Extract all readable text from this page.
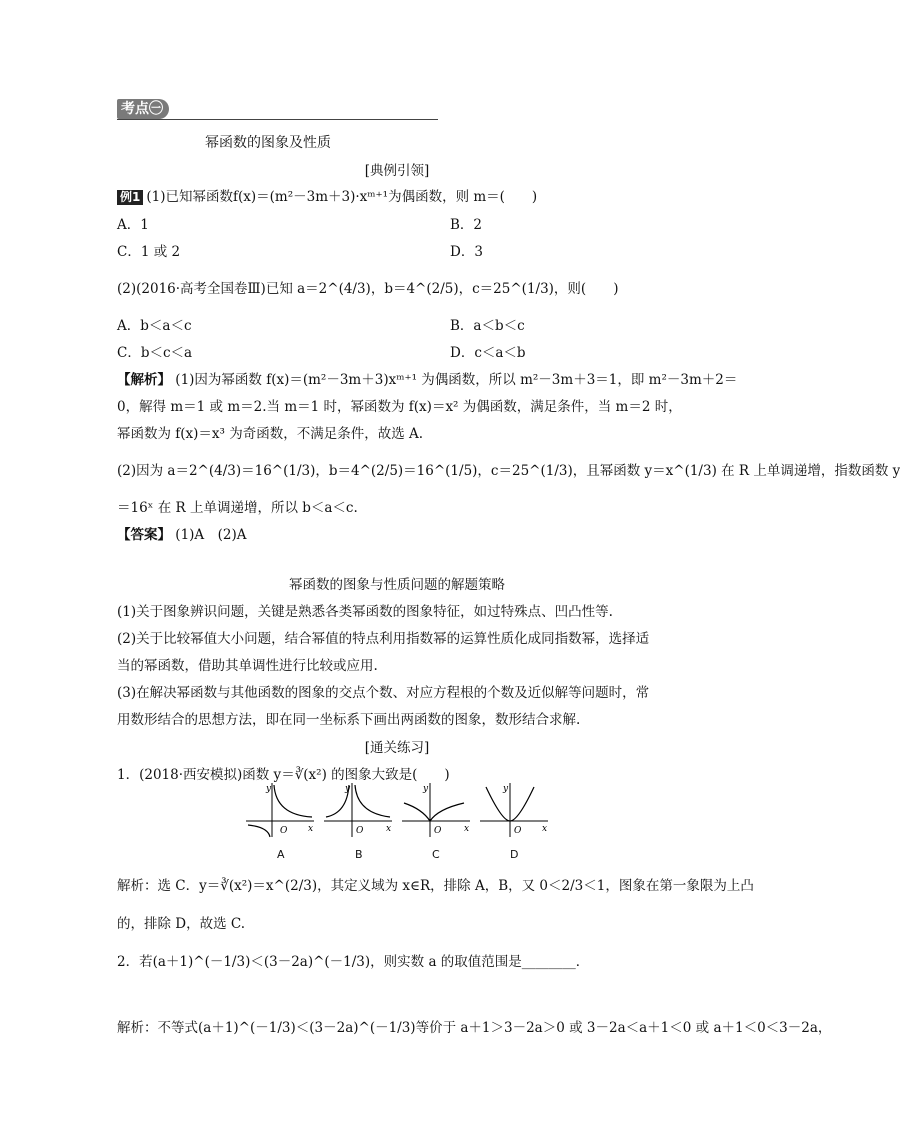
考点㊀
幂函数的图象及性质
[典例引领]
例1 (1)已知幂函数f(x)＝(m²－3m＋3)·xᵐ⁺¹为偶函数，则 m＝(　　)
A．1	B．2
C．1 或 2	D．3
(2)(2016·高考全国卷Ⅲ)已知 a＝2^(4/3)，b＝4^(2/5)，c＝25^(1/3)，则(　　)
A．b＜a＜c	B．a＜b＜c
C．b＜c＜a	D．c＜a＜b
【解析】 (1)因为幂函数 f(x)＝(m²－3m＋3)xᵐ⁺¹ 为偶函数，所以 m²－3m＋3＝1，即 m²－3m＋2＝
0，解得 m＝1 或 m＝2.当 m＝1 时，幂函数为 f(x)＝x² 为偶函数，满足条件，当 m＝2 时，
幂函数为 f(x)＝x³ 为奇函数，不满足条件，故选 A.
(2)因为 a＝2^(4/3)＝16^(1/3)，b＝4^(2/5)＝16^(1/5)，c＝25^(1/3)，且幂函数 y＝x^(1/3) 在 R 上单调递增，指数函数 y
＝16ˣ 在 R 上单调递增，所以 b＜a＜c.
【答案】 (1)A　(2)A
幂函数的图象与性质问题的解题策略
(1)关于图象辨识问题，关键是熟悉各类幂函数的图象特征，如过特殊点、凹凸性等.
(2)关于比较幂值大小问题，结合幂值的特点利用指数幂的运算性质化成同指数幂，选择适
当的幂函数，借助其单调性进行比较或应用.
(3)在解决幂函数与其他函数的图象的交点个数、对应方程根的个数及近似解等问题时，常
用数形结合的思想方法，即在同一坐标系下画出两函数的图象，数形结合求解.
[通关练习]
1．(2018·西安模拟)函数 y＝∛(x²) 的图象大致是(　　)
y
O x
y
O	x
y
O	x
y
O x
A	B	C	D
解析：选 C．y＝∛(x²)＝x^(2/3)，其定义域为 x∈R，排除 A，B，又 0＜2/3＜1，图象在第一象限为上凸
的，排除 D，故选 C.
2．若(a＋1)^(－1/3)＜(3－2a)^(－1/3)，则实数 a 的取值范围是________．
解析：不等式(a＋1)^(－1/3)＜(3－2a)^(－1/3)等价于 a＋1＞3－2a＞0 或 3－2a＜a＋1＜0 或 a＋1＜0＜3－2a，
